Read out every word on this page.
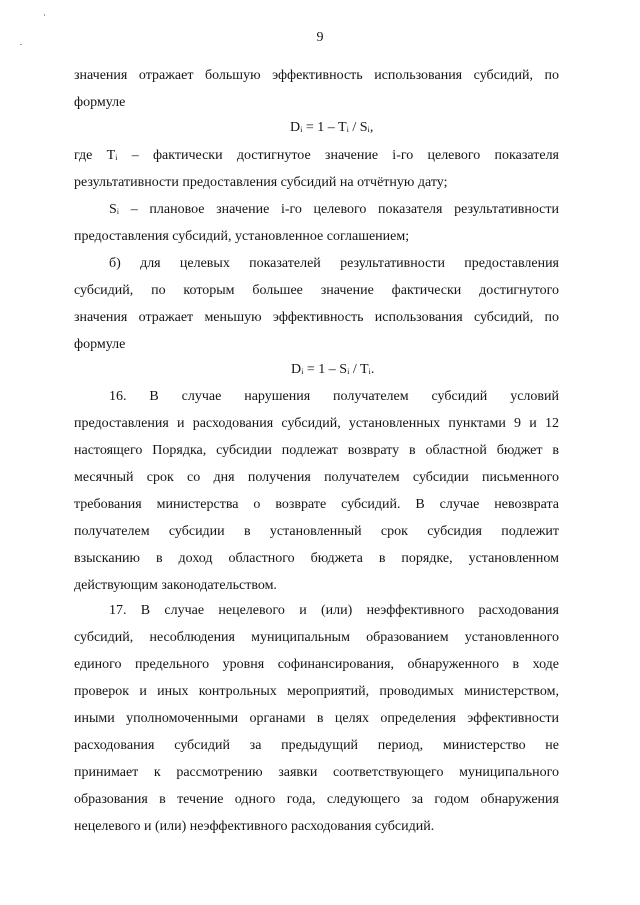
9
значения отражает большую эффективность использования субсидий, по
формуле
Dᵢ = 1 – Tᵢ / Sᵢ,
где Tᵢ – фактически достигнутое значение i-го целевого показателя
результативности предоставления субсидий на отчётную дату;
Sᵢ – плановое значение i-го целевого показателя результативности
предоставления субсидий, установленное соглашением;
б) для целевых показателей результативности предоставления
субсидий, по которым большее значение фактически достигнутого
значения отражает меньшую эффективность использования субсидий, по
формуле
Dᵢ = 1 – Sᵢ / Tᵢ.
16. В случае нарушения получателем субсидий условий
предоставления и расходования субсидий, установленных пунктами 9 и 12
настоящего Порядка, субсидии подлежат возврату в областной бюджет в
месячный срок со дня получения получателем субсидии письменного
требования министерства о возврате субсидий. В случае невозврата
получателем субсидии в установленный срок субсидия подлежит
взысканию в доход областного бюджета в порядке, установленном
действующим законодательством.
17. В случае нецелевого и (или) неэффективного расходования
субсидий, несоблюдения муниципальным образованием установленного
единого предельного уровня софинансирования, обнаруженного в ходе
проверок и иных контрольных мероприятий, проводимых министерством,
иными уполномоченными органами в целях определения эффективности
расходования субсидий за предыдущий период, министерство не
принимает к рассмотрению заявки соответствующего муниципального
образования в течение одного года, следующего за годом обнаружения
нецелевого и (или) неэффективного расходования субсидий.
